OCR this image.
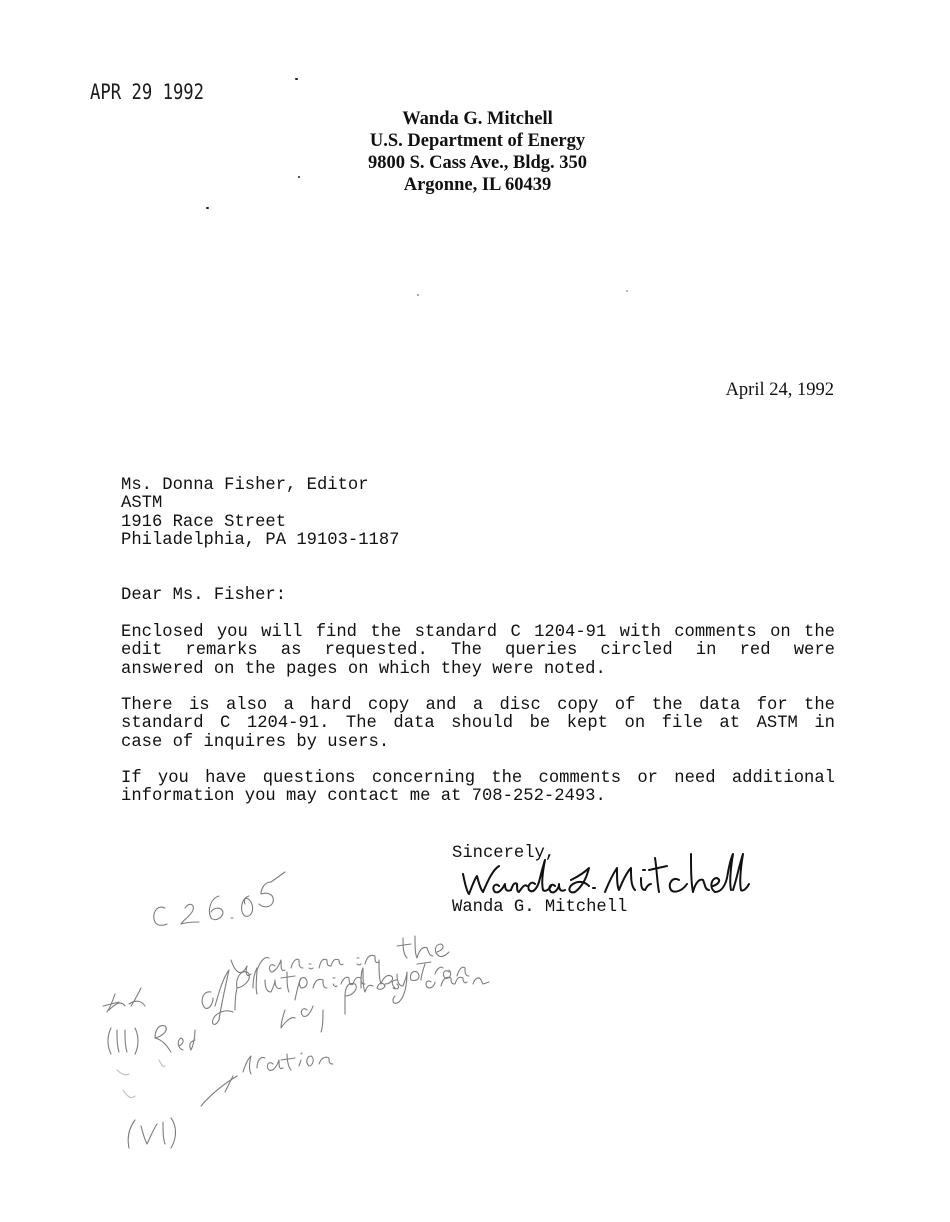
APR 29 1992
Wanda G. Mitchell
U.S. Department of Energy
9800 S. Cass Ave., Bldg. 350
Argonne, IL 60439
April 24, 1992
Ms. Donna Fisher, Editor
ASTM
1916 Race Street
Philadelphia, PA 19103-1187
Dear Ms. Fisher:
Enclosed you will find the standard C 1204-91 with comments on the
edit remarks as requested. The queries circled in red were
answered on the pages on which they were noted.
There is also a hard copy and a disc copy of the data for the
standard C 1204-91. The data should be kept on file at ASTM in
case of inquires by users.
If you have questions concerning the comments or need additional
information you may contact me at 708-252-2493.
Sincerely,
Wanda G. Mitchell
